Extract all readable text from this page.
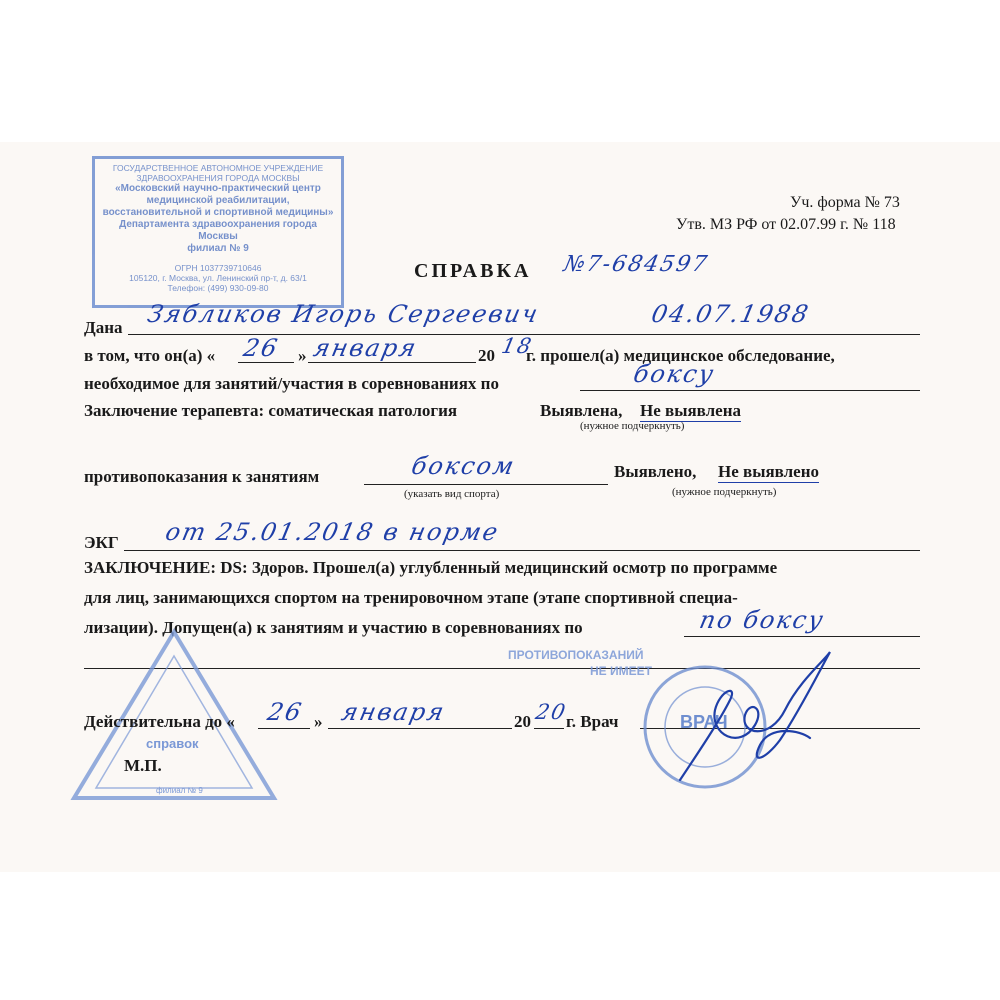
ГОСУДАРСТВЕННОЕ АВТОНОМНОЕ УЧРЕЖДЕНИЕ
ЗДРАВООХРАНЕНИЯ ГОРОДА МОСКВЫ
«Московский научно-практический центр
медицинской реабилитации,
восстановительной и спортивной медицины»
Департамента здравоохранения города Москвы
филиал № 9
ОГРН 1037739710646
105120, г. Москва, ул. Ленинский пр-т, д. 63/1
Телефон: (499) 930-09-80
Уч. форма № 73
Утв. МЗ РФ от 02.07.99 г. № 118
СПРАВКА №7-684597
Дана Зябликов Игорь Сергеевич	04.07.1988
в том, что он(а) « 26 » января	20 18
г. прошел(а) медицинское обследование,
необходимое для занятий/участия в соревнованиях по	боксу
Заключение терапевта: соматическая патология	Выявлена, Не выявлена
(нужное подчеркнуть)
противопоказания к занятиям	боксом	Выявлено, Не выявлено
(указать вид спорта)	(нужное подчеркнуть)
ЭКГ от 25.01.2018 в норме
ЗАКЛЮЧЕНИЕ: DS: Здоров. Прошел(а) углубленный медицинский осмотр по программе
для лиц, занимающихся спортом на тренировочном этапе (этапе спортивной специа-
лизации). Допущен(а) к занятиям и участию в соревнованиях по	по боксу
ПРОТИВОПОКАЗАНИЙ
НЕ ИМЕЕТ
справок
филиал № 9
Действительна до « 26 » января	20 20
г. Врач	ВРАЧ
М.П.
